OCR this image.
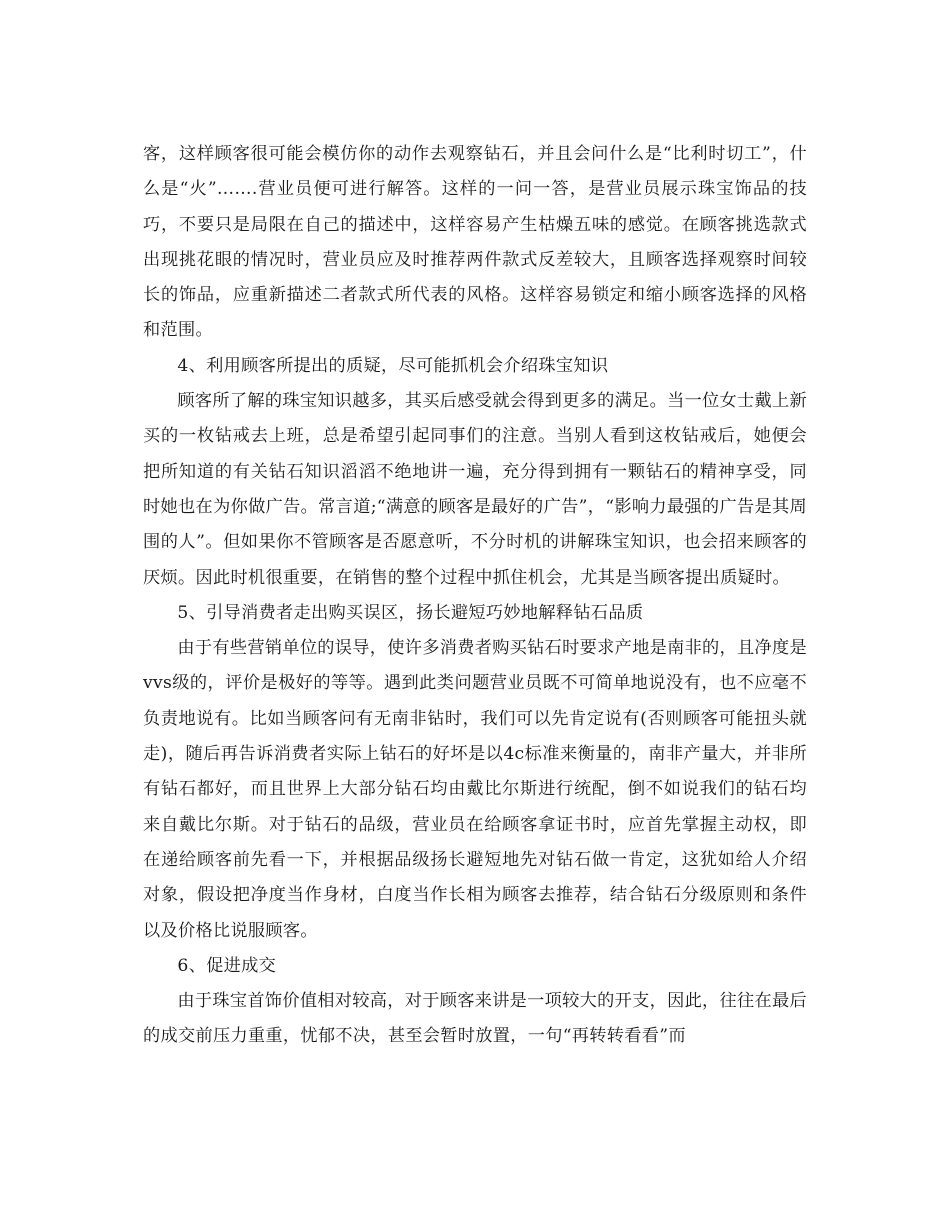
客，这样顾客很可能会模仿你的动作去观察钻石，并且会问什么是“比利时切工”，什么是“火”…….营业员便可进行解答。这样的一问一答，是营业员展示珠宝饰品的技巧，不要只是局限在自己的描述中，这样容易产生枯燥五味的感觉。在顾客挑选款式出现挑花眼的情况时，营业员应及时推荐两件款式反差较大，且顾客选择观察时间较长的饰品，应重新描述二者款式所代表的风格。这样容易锁定和缩小顾客选择的风格和范围。

4、利用顾客所提出的质疑，尽可能抓机会介绍珠宝知识

顾客所了解的珠宝知识越多，其买后感受就会得到更多的满足。当一位女士戴上新买的一枚钻戒去上班，总是希望引起同事们的注意。当别人看到这枚钻戒后，她便会把所知道的有关钻石知识滔滔不绝地讲一遍，充分得到拥有一颗钻石的精神享受，同时她也在为你做广告。常言道;“满意的顾客是最好的广告”，“影响力最强的广告是其周围的人”。但如果你不管顾客是否愿意听，不分时机的讲解珠宝知识，也会招来顾客的厌烦。因此时机很重要，在销售的整个过程中抓住机会，尤其是当顾客提出质疑时。

5、引导消费者走出购买误区，扬长避短巧妙地解释钻石品质

由于有些营销单位的误导，使许多消费者购买钻石时要求产地是南非的，且净度是vvs级的，评价是极好的等等。遇到此类问题营业员既不可简单地说没有，也不应毫不负责地说有。比如当顾客问有无南非钻时，我们可以先肯定说有(否则顾客可能扭头就走)，随后再告诉消费者实际上钻石的好坏是以4c标准来衡量的，南非产量大，并非所有钻石都好，而且世界上大部分钻石均由戴比尔斯进行统配，倒不如说我们的钻石均来自戴比尔斯。对于钻石的品级，营业员在给顾客拿证书时，应首先掌握主动权，即在递给顾客前先看一下，并根据品级扬长避短地先对钻石做一肯定，这犹如给人介绍对象，假设把净度当作身材，白度当作长相为顾客去推荐，结合钻石分级原则和条件以及价格比说服顾客。

6、促进成交

由于珠宝首饰价值相对较高，对于顾客来讲是一项较大的开支，因此，往往在最后的成交前压力重重，忧郁不决，甚至会暂时放置，一句“再转转看看”而
